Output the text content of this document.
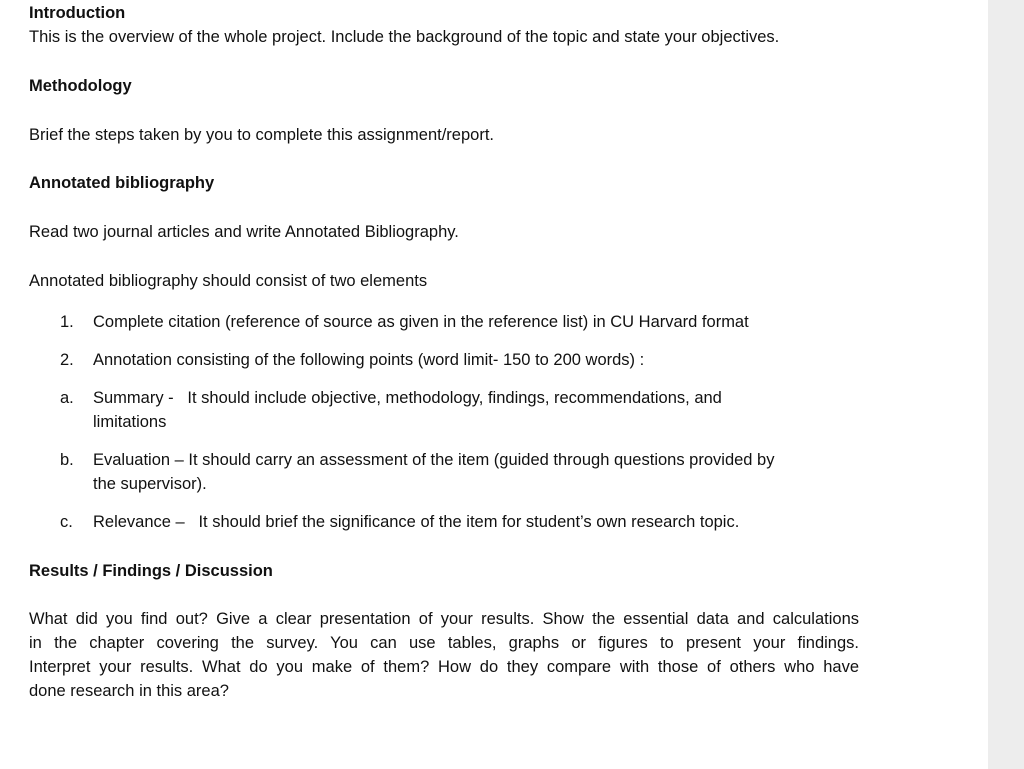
Introduction
This is the overview of the whole project. Include the background of the topic and state your objectives.
Methodology
Brief the steps taken by you to complete this assignment/report.
Annotated bibliography
Read two journal articles and write Annotated Bibliography.
Annotated bibliography should consist of two elements
1. Complete citation (reference of source as given in the reference list) in CU Harvard format
2. Annotation consisting of the following points (word limit- 150 to 200 words) :
a. Summary -   It should include objective, methodology, findings, recommendations, and
limitations
b. Evaluation – It should carry an assessment of the item (guided through questions provided by
the supervisor).
c. Relevance –   It should brief the significance of the item for student’s own research topic.
Results / Findings / Discussion
What did you find out? Give a clear presentation of your results. Show the essential data and calculations
in the chapter covering the survey. You can use tables, graphs or figures to present your findings.
Interpret your results. What do you make of them? How do they compare with those of others who have
done research in this area?
